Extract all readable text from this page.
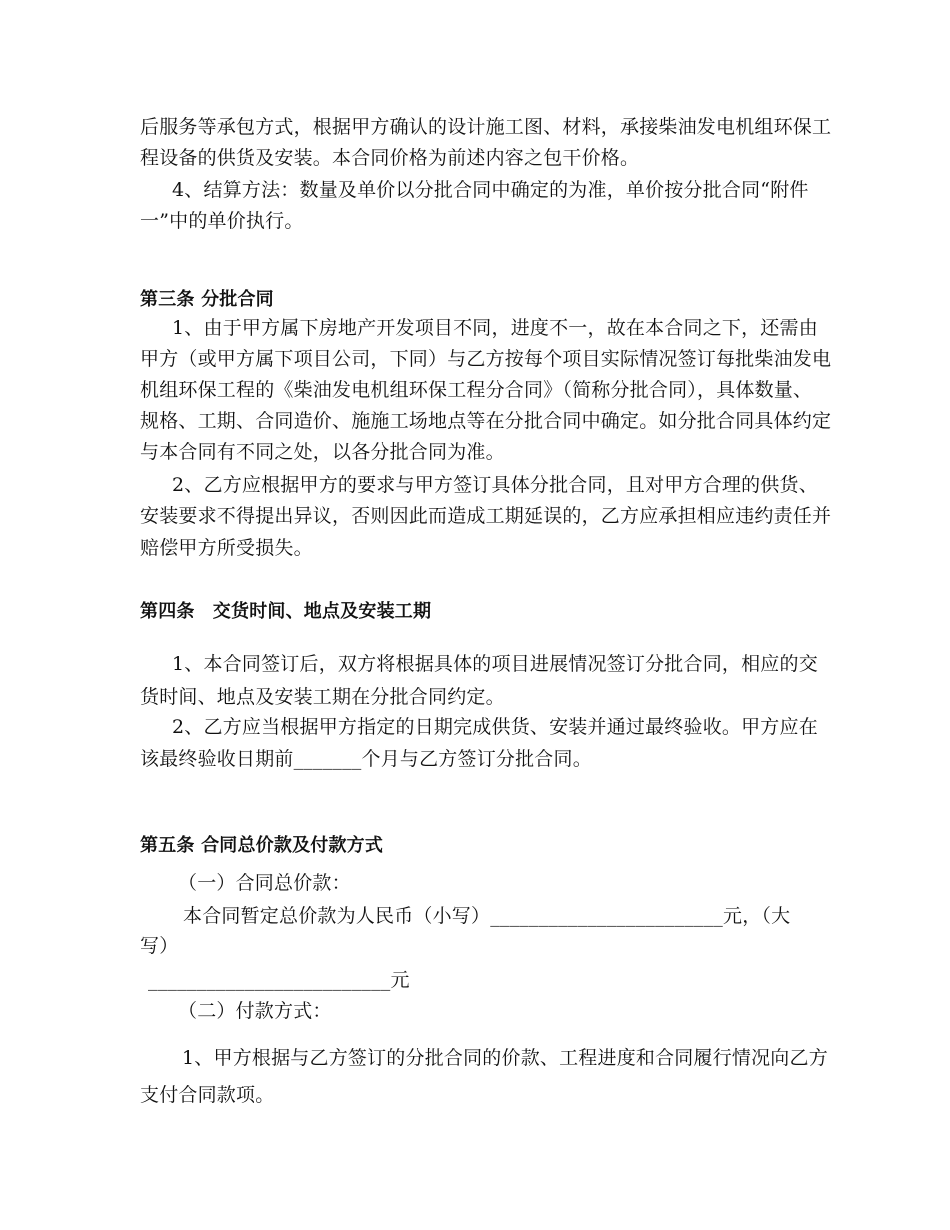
后服务等承包方式，根据甲方确认的设计施工图、材料，承接柴油发电机组环保工
程设备的供货及安装。本合同价格为前述内容之包干价格。
4、结算方法：数量及单价以分批合同中确定的为准，单价按分批合同“附件
一”中的单价执行。
第三条 分批合同
1、由于甲方属下房地产开发项目不同，进度不一，故在本合同之下，还需由
甲方（或甲方属下项目公司，下同）与乙方按每个项目实际情况签订每批柴油发电
机组环保工程的《柴油发电机组环保工程分合同》（简称分批合同），具体数量、
规格、工期、合同造价、施施工场地点等在分批合同中确定。如分批合同具体约定
与本合同有不同之处，以各分批合同为准。
2、乙方应根据甲方的要求与甲方签订具体分批合同，且对甲方合理的供货、
安装要求不得提出异议，否则因此而造成工期延误的，乙方应承担相应违约责任并
赔偿甲方所受损失。
第四条　交货时间、地点及安装工期
1、本合同签订后，双方将根据具体的项目进展情况签订分批合同，相应的交
货时间、地点及安装工期在分批合同约定。
2、乙方应当根据甲方指定的日期完成供货、安装并通过最终验收。甲方应在
该最终验收日期前_______个月与乙方签订分批合同。
第五条 合同总价款及付款方式
（一）合同总价款：
本合同暂定总价款为人民币（小写）________________________元，（大
写）
_________________________元
（二）付款方式：
1、甲方根据与乙方签订的分批合同的价款、工程进度和合同履行情况向乙方
支付合同款项。
